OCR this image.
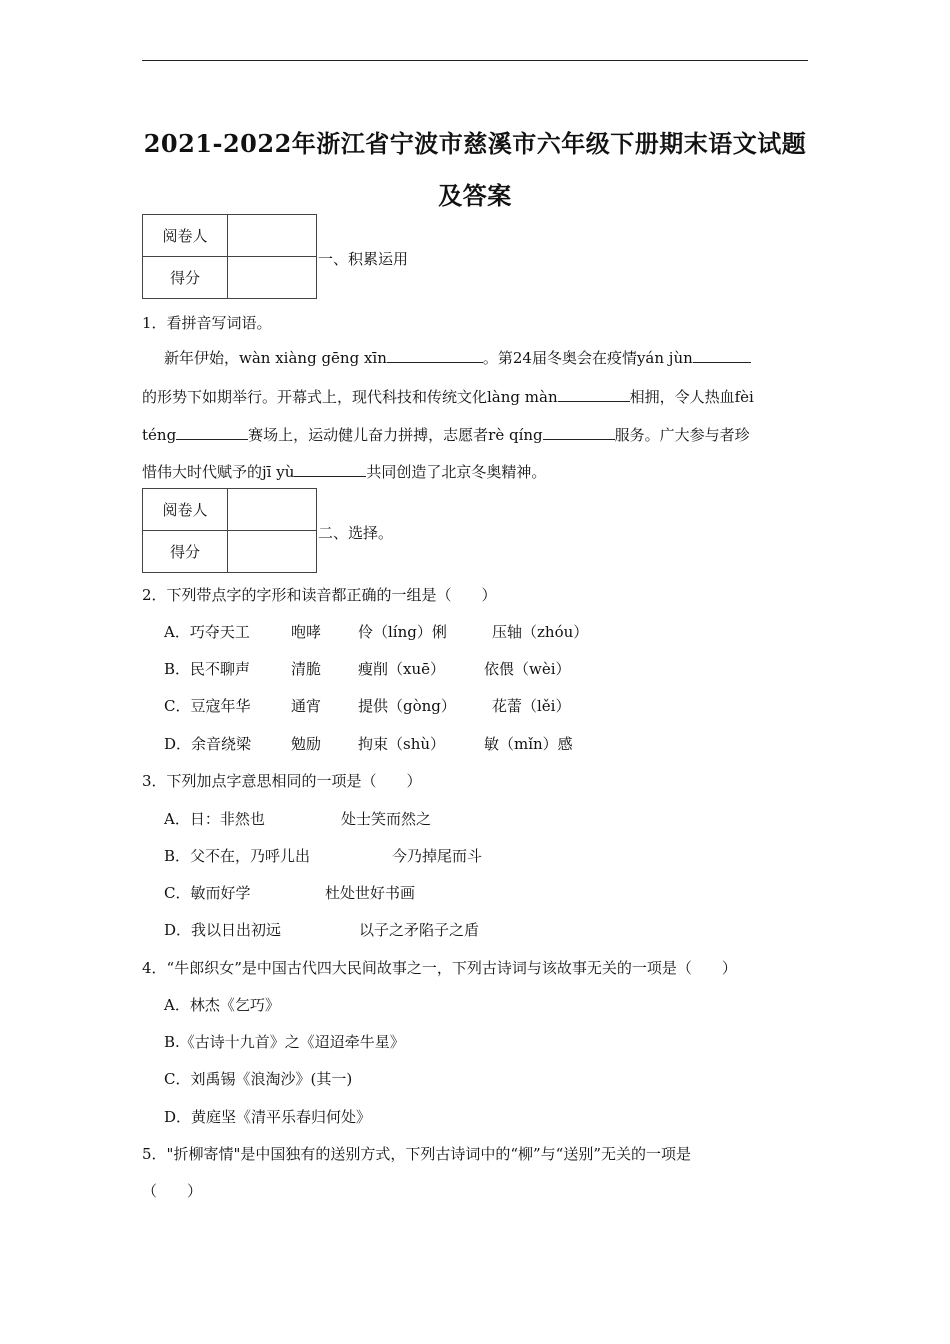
2021-2022年浙江省宁波市慈溪市六年级下册期末语文试题
及答案
阅卷人	
得分	
一、积累运用
1．看拼音写词语。
新年伊始，wàn xiàng gēng xīn	。第24届冬奥会在疫情yán jùn

的形势下如期举行。开幕式上，现代科技和传统文化làng màn	相拥，令人热血fèi
téng	赛场上，运动健儿奋力拼搏，志愿者rè qíng	服务。广大参与者珍
惜伟大时代赋予的jī yù	共同创造了北京冬奥精神。
阅卷人	
得分	
二、选择。
2．下列带点字的字形和读音都正确的一组是（　　）
A．巧夺天工	咆哮 伶（líng）俐	压轴（zhóu）
B．民不聊声	清脆 瘦削（xuē）	依偎（wèi）
C．豆寇年华	通宵 提供（gòng） 花蕾（lěi）
D．余音绕梁	勉励 拘束（shù）	敏（mǐn）感
3．下列加点字意思相同的一项是（　　）
A．日：非然也	处士笑而然之
B．父不在，乃呼儿出	今乃掉尾而斗
C．敏而好学	杜处世好书画
D．我以日出初远	以子之矛陷子之盾
4．“牛郎织女”是中国古代四大民间故事之一，下列古诗词与该故事无关的一项是（　　）
A．林杰《乞巧》
B.《古诗十九首》之《迢迢牵牛星》
C．刘禹锡《浪淘沙》(其一)
D．黄庭坚《清平乐春归何处》
5．"折柳寄情"是中国独有的送别方式，下列古诗词中的“柳”与“送别”无关的一项是
（　　）
